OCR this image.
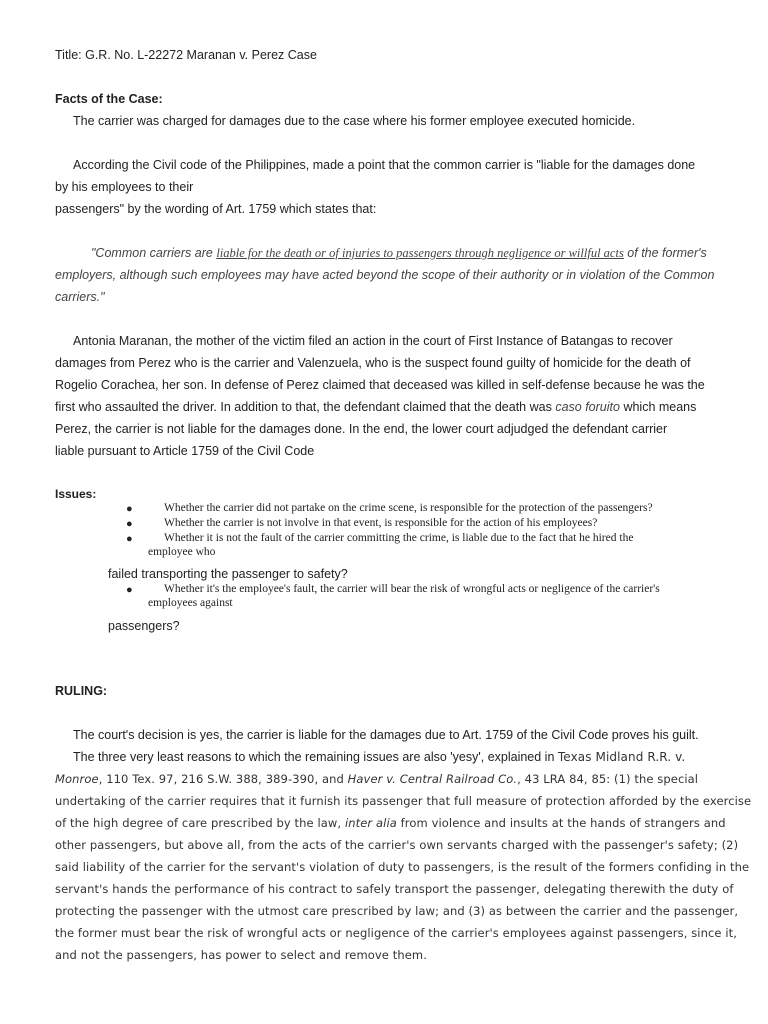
Title: G.R. No. L-22272 Maranan v. Perez Case
Facts of the Case:
The carrier was charged for damages due to the case where his former employee executed homicide.
According the Civil code of the Philippines, made a point that the common carrier is "liable for the damages done
by his employees to their
passengers" by the wording of Art. 1759 which states that:
"Common carriers are liable for the death or of injuries to passengers through negligence or willful acts of the former's
employers, although such employees may have acted beyond the scope of their authority or in violation of the Common
carriers."
Antonia Maranan, the mother of the victim filed an action in the court of First Instance of Batangas to recover
damages from Perez who is the carrier and Valenzuela, who is the suspect found guilty of homicide for the death of
Rogelio Corachea, her son. In defense of Perez claimed that deceased was killed in self-defense because he was the
first who assaulted the driver. In addition to that, the defendant claimed that the death was caso foruito which means
Perez, the carrier is not liable for the damages done. In the end, the lower court adjudged the defendant carrier
liable pursuant to Article 1759 of the Civil Code
Issues:
●	Whether the carrier did not partake on the crime scene, is responsible for the protection of the passengers?
●	Whether the carrier is not involve in that event, is responsible for the action of his employees?
●	Whether it is not the fault of the carrier committing the crime, is liable due to the fact that he hired the
employee who
failed transporting the passenger to safety?
●	Whether it's the employee's fault, the carrier will bear the risk of wrongful acts or negligence of the carrier's
employees against
passengers?
RULING:
The court's decision is yes, the carrier is liable for the damages due to Art. 1759 of the Civil Code proves his guilt.
The three very least reasons to which the remaining issues are also 'yesy', explained in Texas Midland R.R. v.
Monroe, 110 Tex. 97, 216 S.W. 388, 389-390, and Haver v. Central Railroad Co., 43 LRA 84, 85: (1) the special
undertaking of the carrier requires that it furnish its passenger that full measure of protection afforded by the exercise
of the high degree of care prescribed by the law, inter alia from violence and insults at the hands of strangers and
other passengers, but above all, from the acts of the carrier's own servants charged with the passenger's safety; (2)
said liability of the carrier for the servant's violation of duty to passengers, is the result of the formers confiding in the
servant's hands the performance of his contract to safely transport the passenger, delegating therewith the duty of
protecting the passenger with the utmost care prescribed by law; and (3) as between the carrier and the passenger,
the former must bear the risk of wrongful acts or negligence of the carrier's employees against passengers, since it,
and not the passengers, has power to select and remove them.
